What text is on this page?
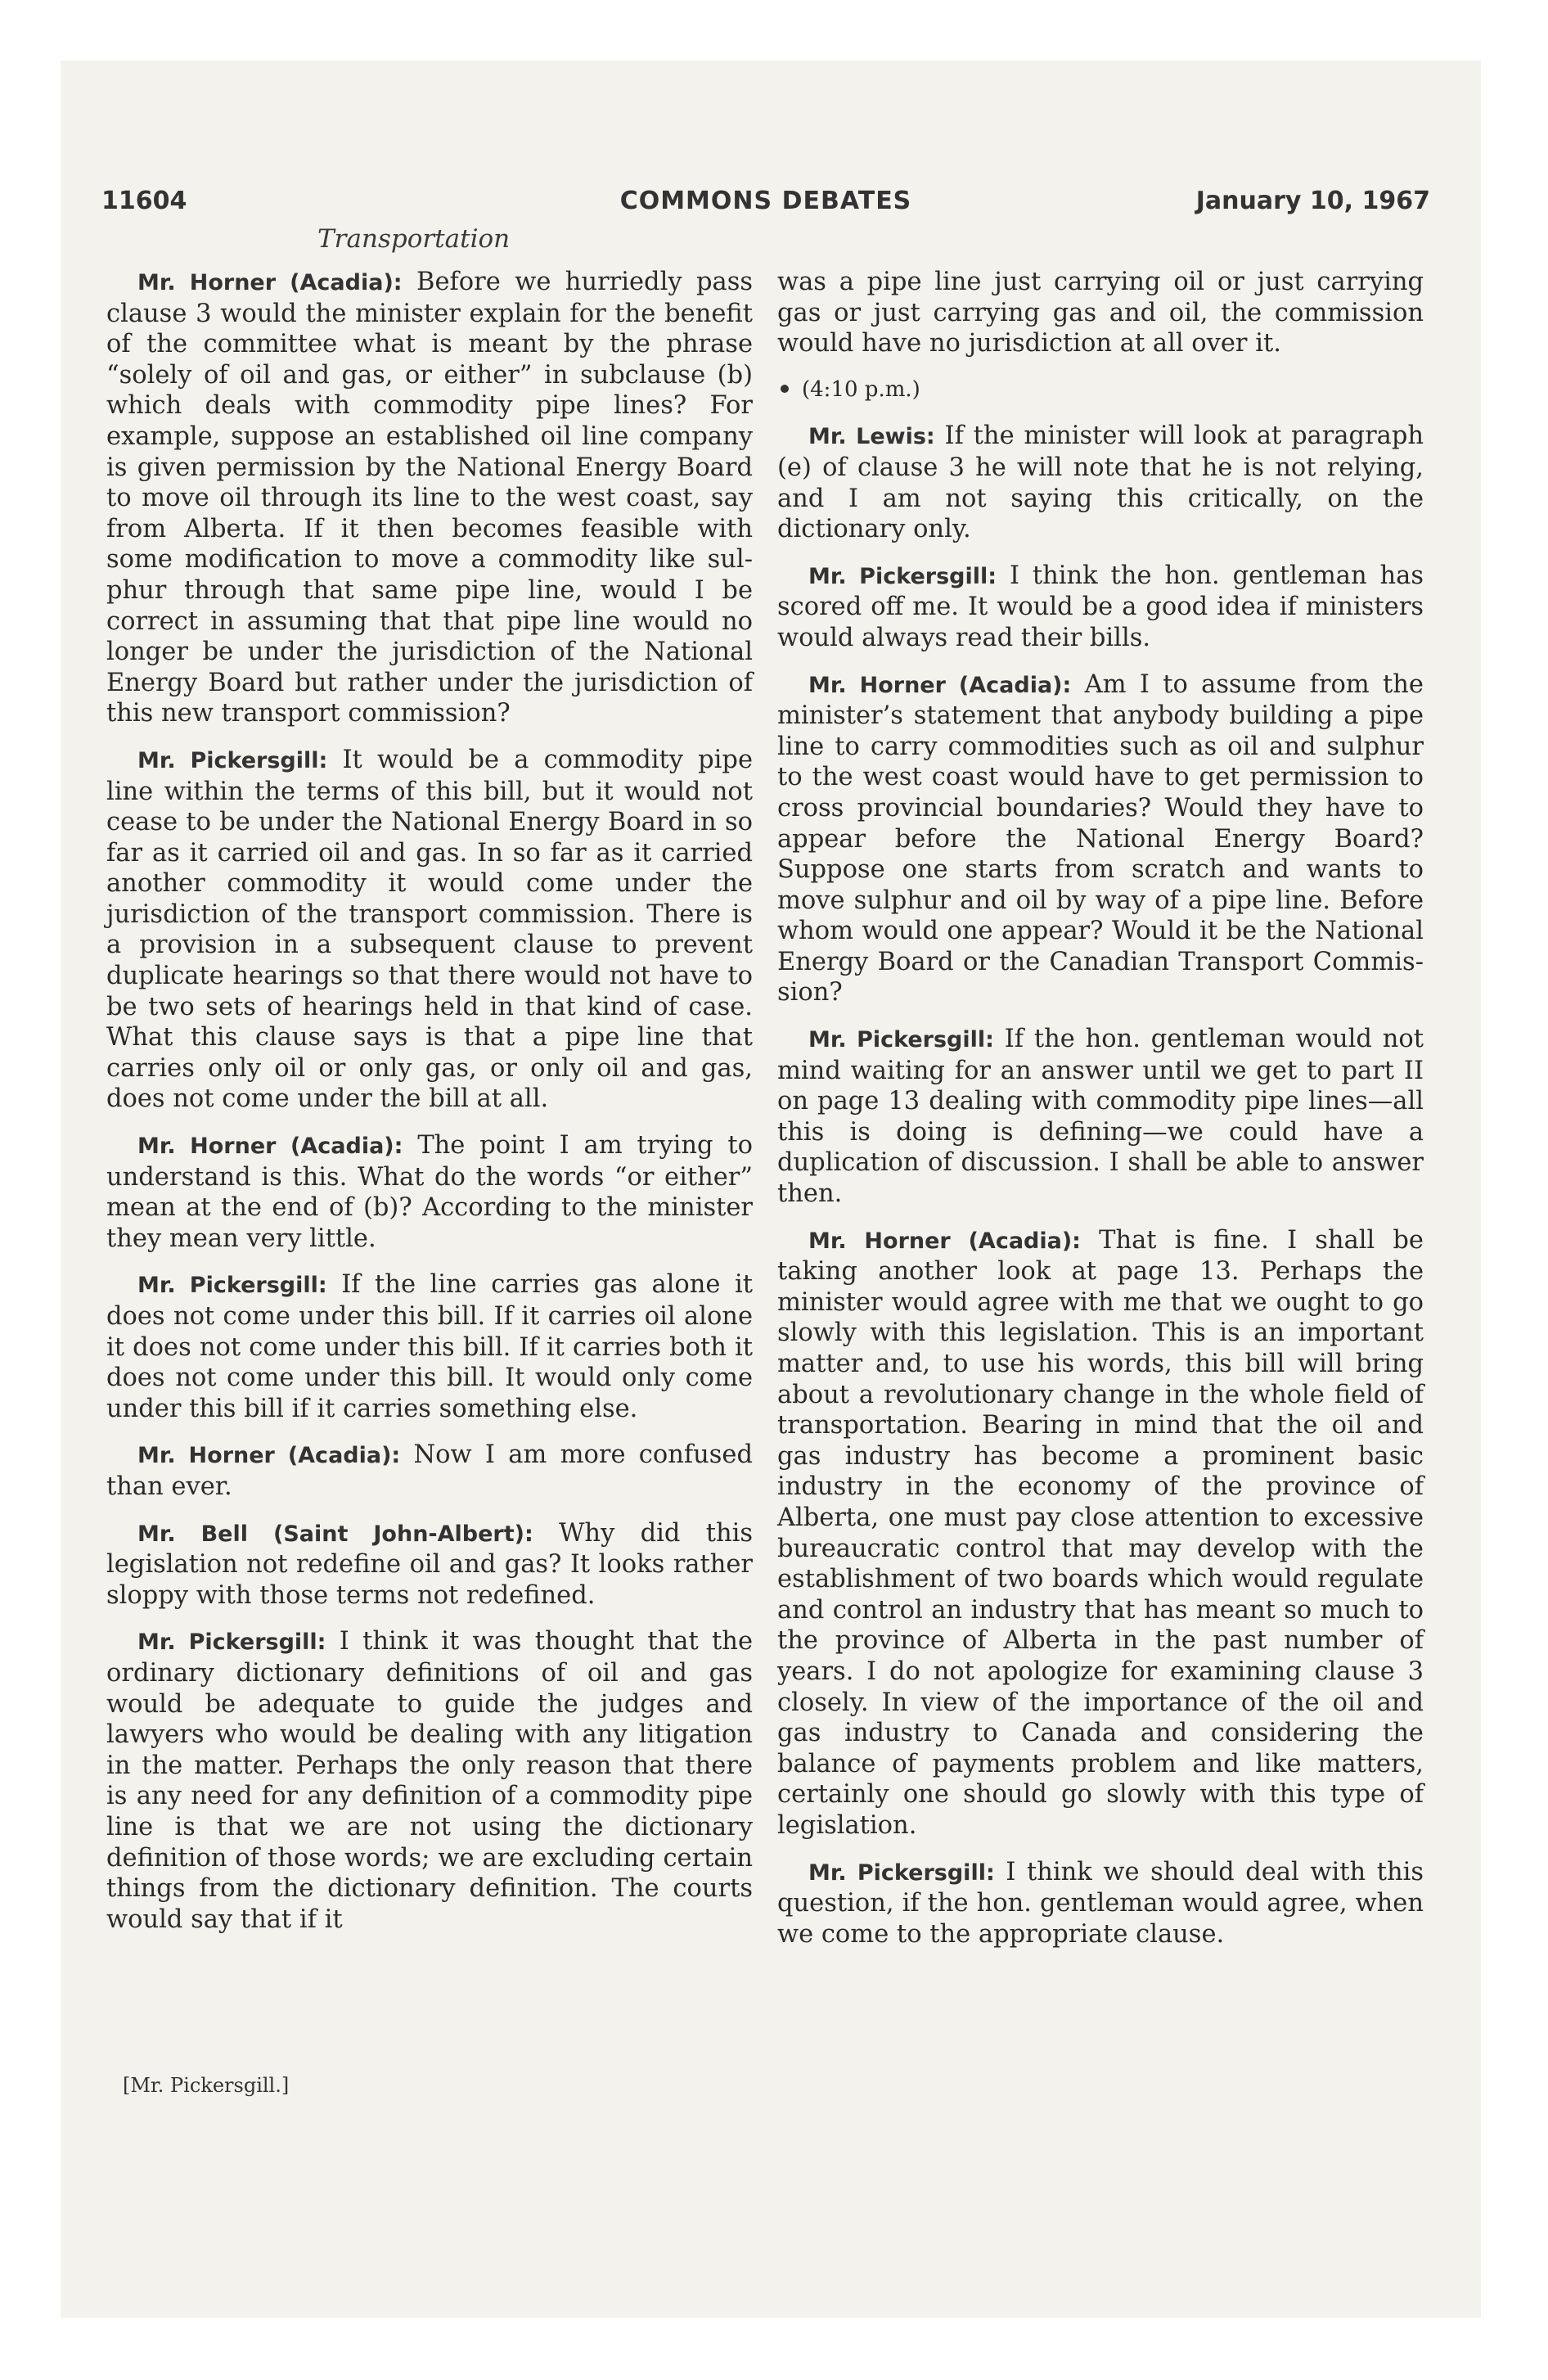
11604	COMMONS DEBATES	January 10, 1967
Transportation

Mr. Horner (Acadia): Before we hurriedly pass clause 3 would the minister explain for the benefit of the committee what is meant by the phrase “solely of oil and gas, or either” in subclause (b) which deals with commodity pipe lines? For example, suppose an established oil line company is given permission by the National Energy Board to move oil through its line to the west coast, say from Alberta. If it then becomes feasible with some modification to move a commodity like sulphur through that same pipe line, would I be correct in assuming that that pipe line would no longer be under the jurisdiction of the National Energy Board but rather under the jurisdiction of this new transport commission?

Mr. Pickersgill: It would be a commodity pipe line within the terms of this bill, but it would not cease to be under the National Energy Board in so far as it carried oil and gas. In so far as it carried another commodity it would come under the jurisdiction of the transport commission. There is a provision in a subsequent clause to prevent duplicate hearings so that there would not have to be two sets of hearings held in that kind of case. What this clause says is that a pipe line that carries only oil or only gas, or only oil and gas, does not come under the bill at all.

Mr. Horner (Acadia): The point I am trying to understand is this. What do the words “or either” mean at the end of (b)? According to the minister they mean very little.

Mr. Pickersgill: If the line carries gas alone it does not come under this bill. If it carries oil alone it does not come under this bill. If it carries both it does not come under this bill. It would only come under this bill if it carries something else.

Mr. Horner (Acadia): Now I am more confused than ever.

Mr. Bell (Saint John-Albert): Why did this legislation not redefine oil and gas? It looks rather sloppy with those terms not redefined.

Mr. Pickersgill: I think it was thought that the ordinary dictionary definitions of oil and gas would be adequate to guide the judges and lawyers who would be dealing with any litigation in the matter. Perhaps the only reason that there is any need for any definition of a commodity pipe line is that we are not using the dictionary definition of those words; we are excluding certain things from the dictionary definition. The courts would say that if it

[Mr. Pickersgill.]

was a pipe line just carrying oil or just carrying gas or just carrying gas and oil, the commission would have no jurisdiction at all over it.

(4:10 p.m.)

Mr. Lewis: If the minister will look at paragraph (e) of clause 3 he will note that he is not relying, and I am not saying this critically, on the dictionary only.

Mr. Pickersgill: I think the hon. gentleman has scored off me. It would be a good idea if ministers would always read their bills.

Mr. Horner (Acadia): Am I to assume from the minister’s statement that anybody building a pipe line to carry commodities such as oil and sulphur to the west coast would have to get permission to cross provincial boundaries? Would they have to appear before the National Energy Board? Suppose one starts from scratch and wants to move sulphur and oil by way of a pipe line. Before whom would one appear? Would it be the National Energy Board or the Canadian Transport Commission?

Mr. Pickersgill: If the hon. gentleman would not mind waiting for an answer until we get to part II on page 13 dealing with commodity pipe lines—all this is doing is defining—we could have a duplication of discussion. I shall be able to answer then.

Mr. Horner (Acadia): That is fine. I shall be taking another look at page 13. Perhaps the minister would agree with me that we ought to go slowly with this legislation. This is an important matter and, to use his words, this bill will bring about a revolutionary change in the whole field of transportation. Bearing in mind that the oil and gas industry has become a prominent basic industry in the economy of the province of Alberta, one must pay close attention to excessive bureaucratic control that may develop with the establishment of two boards which would regulate and control an industry that has meant so much to the province of Alberta in the past number of years. I do not apologize for examining clause 3 closely. In view of the importance of the oil and gas industry to Canada and considering the balance of payments problem and like matters, certainly one should go slowly with this type of legislation.

Mr. Pickersgill: I think we should deal with this question, if the hon. gentleman would agree, when we come to the appropriate clause.
